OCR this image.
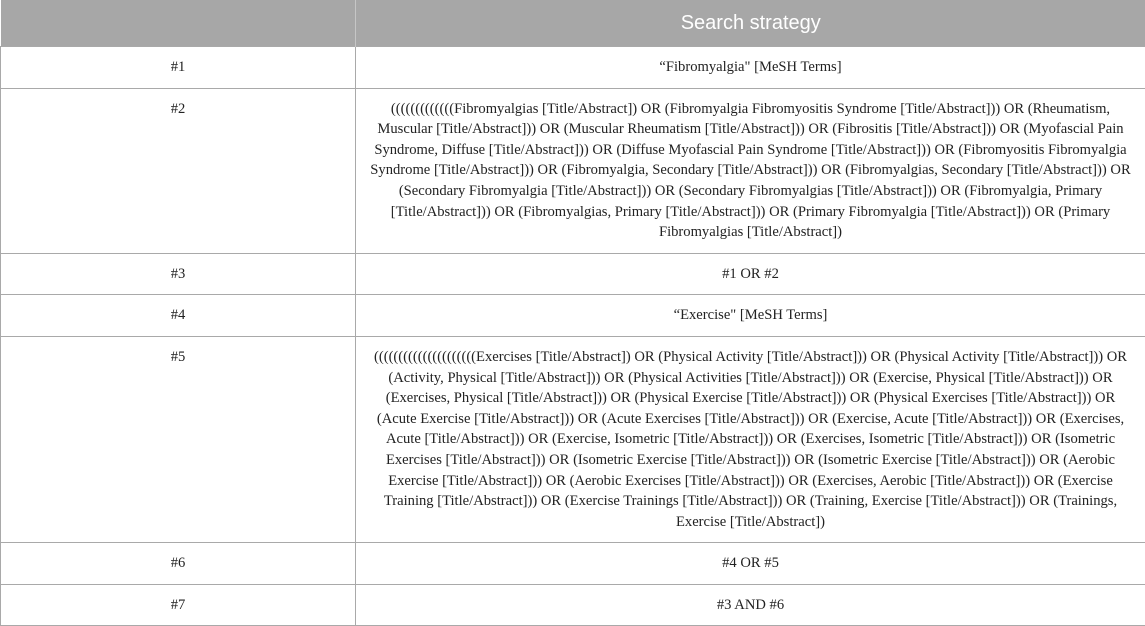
	Search strategy
#1	“Fibromyalgia" [MeSH Terms]
#2	(((((((((((((Fibromyalgias [Title/Abstract]) OR (Fibromyalgia Fibromyositis Syndrome [Title/Abstract])) OR (Rheumatism, Muscular [Title/Abstract])) OR (Muscular Rheumatism [Title/Abstract])) OR (Fibrositis [Title/Abstract])) OR (Myofascial Pain Syndrome, Diffuse [Title/Abstract])) OR (Diffuse Myofascial Pain Syndrome [Title/Abstract])) OR (Fibromyositis Fibromyalgia Syndrome [Title/Abstract])) OR (Fibromyalgia, Secondary [Title/Abstract])) OR (Fibromyalgias, Secondary [Title/Abstract])) OR (Secondary Fibromyalgia [Title/Abstract])) OR (Secondary Fibromyalgias [Title/Abstract])) OR (Fibromyalgia, Primary [Title/Abstract])) OR (Fibromyalgias, Primary [Title/Abstract])) OR (Primary Fibromyalgia [Title/Abstract])) OR (Primary Fibromyalgias [Title/Abstract])
#3	#1 OR #2
#4	“Exercise" [MeSH Terms]
#5	(((((((((((((((((((((Exercises [Title/Abstract]) OR (Physical Activity [Title/Abstract])) OR (Physical Activity [Title/Abstract])) OR (Activity, Physical [Title/Abstract])) OR (Physical Activities [Title/Abstract])) OR (Exercise, Physical [Title/Abstract])) OR (Exercises, Physical [Title/Abstract])) OR (Physical Exercise [Title/Abstract])) OR (Physical Exercises [Title/Abstract])) OR (Acute Exercise [Title/Abstract])) OR (Acute Exercises [Title/Abstract])) OR (Exercise, Acute [Title/Abstract])) OR (Exercises, Acute [Title/Abstract])) OR (Exercise, Isometric [Title/Abstract])) OR (Exercises, Isometric [Title/Abstract])) OR (Isometric Exercises [Title/Abstract])) OR (Isometric Exercise [Title/Abstract])) OR (Isometric Exercise [Title/Abstract])) OR (Aerobic Exercise [Title/Abstract])) OR (Aerobic Exercises [Title/Abstract])) OR (Exercises, Aerobic [Title/Abstract])) OR (Exercise Training [Title/Abstract])) OR (Exercise Trainings [Title/Abstract])) OR (Training, Exercise [Title/Abstract])) OR (Trainings, Exercise [Title/Abstract])
#6	#4 OR #5
#7	#3 AND #6
